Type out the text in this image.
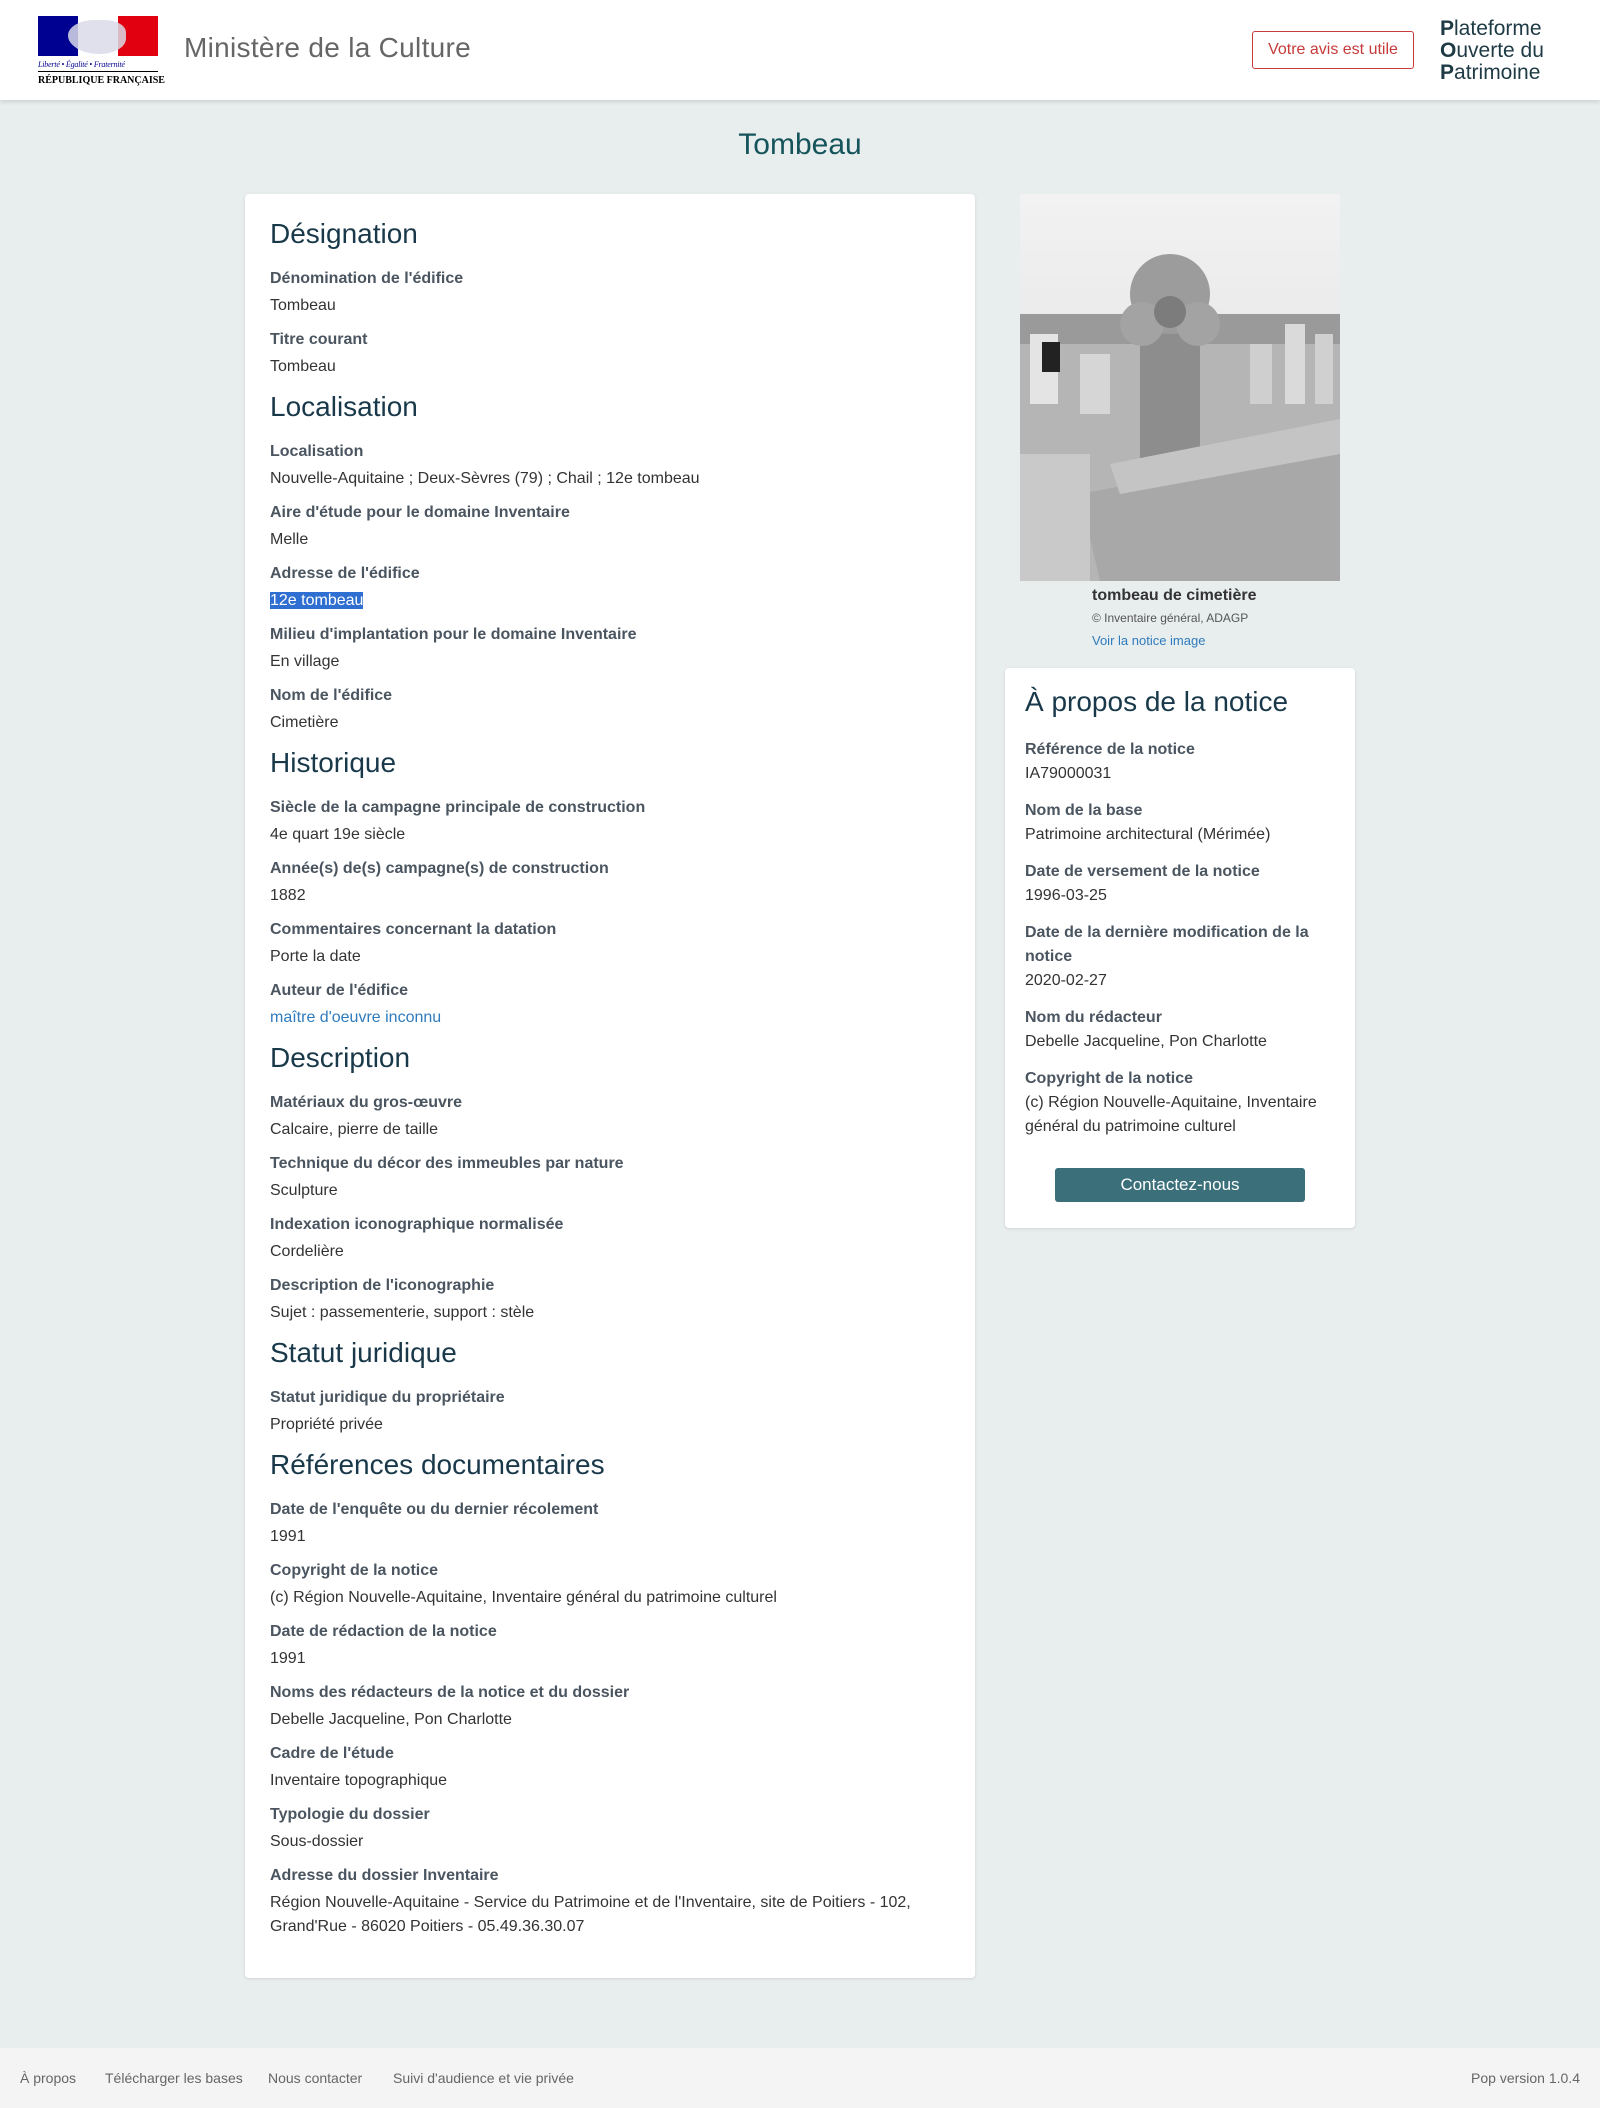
Liberté • Égalité • Fraternité
RÉPUBLIQUE FRANÇAISE
Ministère de la Culture	Votre avis est utile
Plateforme
Ouverte du
Patrimoine
Tombeau
Désignation
Dénomination de l'édifice
Tombeau
Titre courant
Tombeau
Localisation
Localisation
Nouvelle-Aquitaine ; Deux-Sèvres (79) ; Chail ; 12e tombeau
Aire d'étude pour le domaine Inventaire
Melle
Adresse de l'édifice
12e tombeau
Milieu d'implantation pour le domaine Inventaire
En village
Nom de l'édifice
Cimetière
Historique
Siècle de la campagne principale de construction
4e quart 19e siècle
Année(s) de(s) campagne(s) de construction
1882
Commentaires concernant la datation
Porte la date
Auteur de l'édifice
maître d'oeuvre inconnu
Description
Matériaux du gros-œuvre
Calcaire, pierre de taille
Technique du décor des immeubles par nature
Sculpture
Indexation iconographique normalisée
Cordelière
Description de l'iconographie
Sujet : passementerie, support : stèle
Statut juridique
Statut juridique du propriétaire
Propriété privée
Références documentaires
Date de l'enquête ou du dernier récolement
1991
Copyright de la notice
(c) Région Nouvelle-Aquitaine, Inventaire général du patrimoine culturel
Date de rédaction de la notice
1991
Noms des rédacteurs de la notice et du dossier
Debelle Jacqueline, Pon Charlotte
Cadre de l'étude
Inventaire topographique
Typologie du dossier
Sous-dossier
Adresse du dossier Inventaire
Région Nouvelle-Aquitaine - Service du Patrimoine et de l'Inventaire, site de Poitiers - 102, Grand'Rue - 86020 Poitiers - 05.49.36.30.07
tombeau de cimetière
© Inventaire général, ADAGP
Voir la notice image
À propos de la notice
Référence de la notice
IA79000031
Nom de la base
Patrimoine architectural (Mérimée)
Date de versement de la notice
1996-03-25
Date de la dernière modification de la notice
2020-02-27
Nom du rédacteur
Debelle Jacqueline, Pon Charlotte
Copyright de la notice
(c) Région Nouvelle-Aquitaine, Inventaire général du patrimoine culturel
Contactez-nous
À propos Télécharger les bases Nous contacter Suivi d'audience et vie privée	Pop version 1.0.4
